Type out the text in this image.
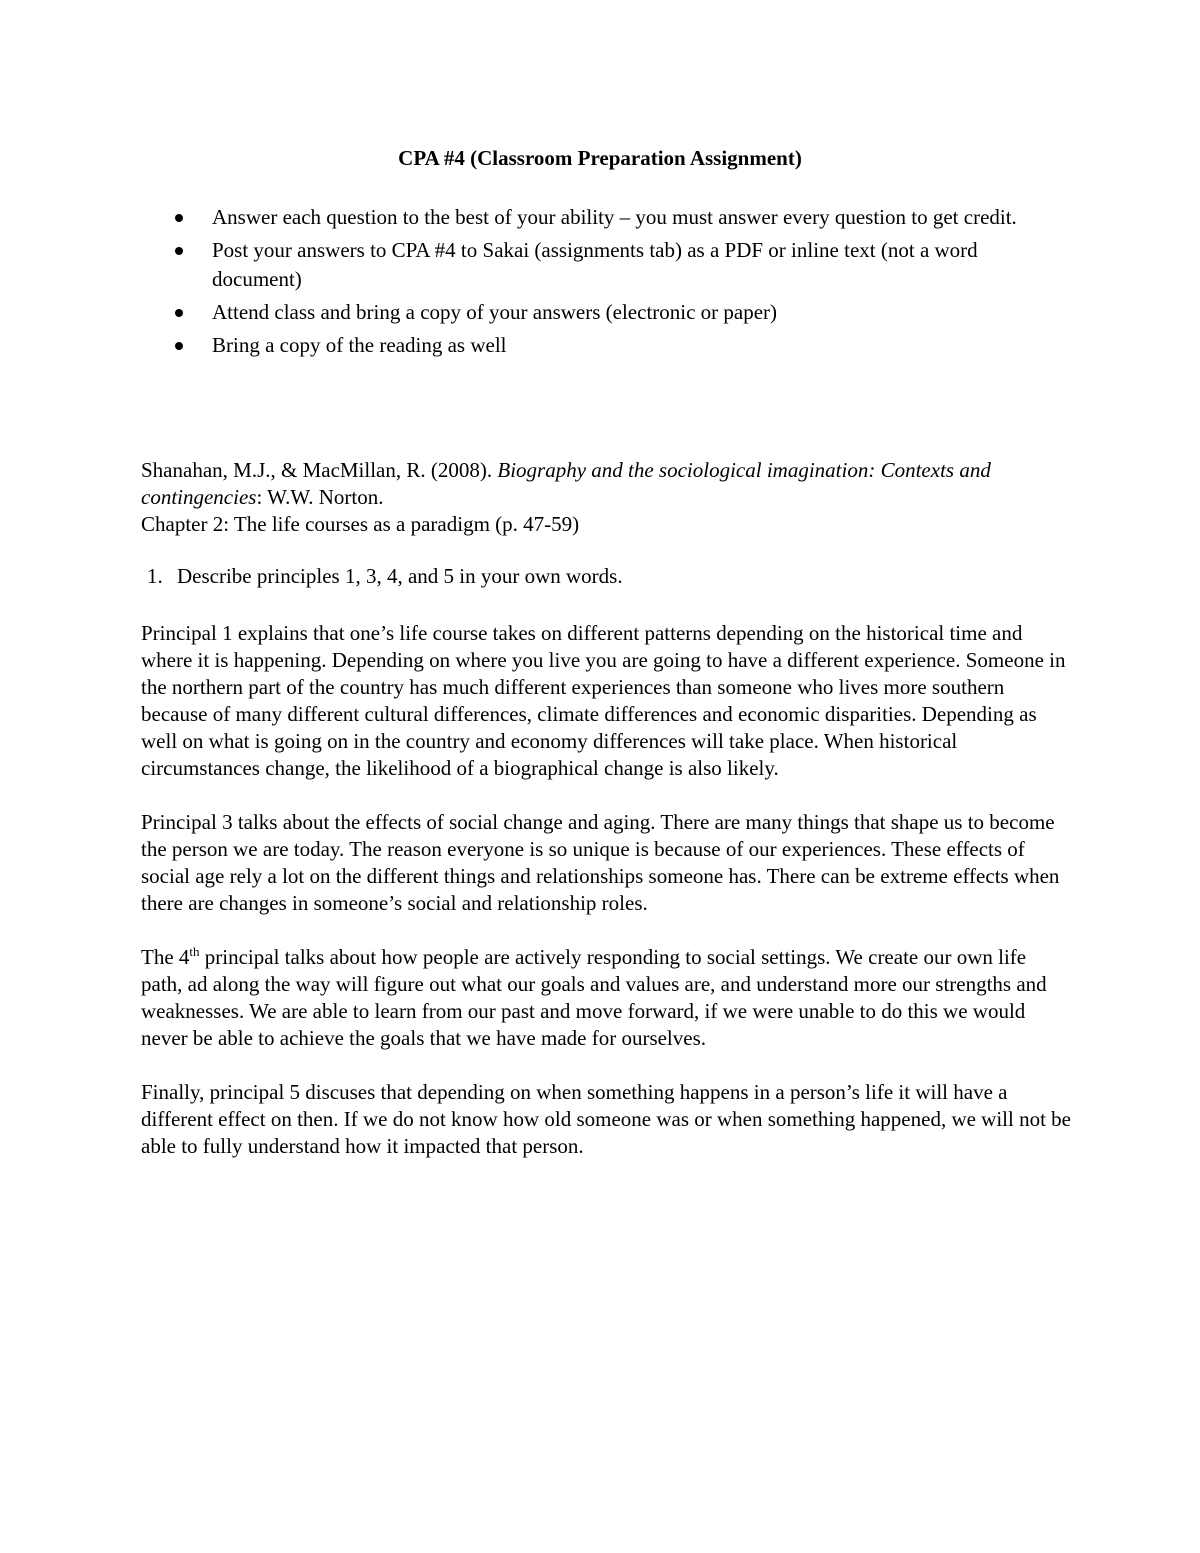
CPA #4 (Classroom Preparation Assignment)
Answer each question to the best of your ability – you must answer every question to get credit.
Post your answers to CPA #4 to Sakai (assignments tab) as a PDF or inline text (not a word document)
Attend class and bring a copy of your answers (electronic or paper)
Bring a copy of the reading as well

Shanahan, M.J., & MacMillan, R. (2008). Biography and the sociological imagination: Contexts and contingencies: W.W. Norton.

Chapter 2: The life courses as a paradigm (p. 47-59)

1. Describe principles 1, 3, 4, and 5 in your own words.

Principal 1 explains that one’s life course takes on different patterns depending on the historical time and where it is happening. Depending on where you live you are going to have a different experience. Someone in the northern part of the country has much different experiences than someone who lives more southern because of many different cultural differences, climate differences and economic disparities. Depending as well on what is going on in the country and economy differences will take place. When historical circumstances change, the likelihood of a biographical change is also likely.

Principal 3 talks about the effects of social change and aging. There are many things that shape us to become the person we are today. The reason everyone is so unique is because of our experiences. These effects of social age rely a lot on the different things and relationships someone has. There can be extreme effects when there are changes in someone’s social and relationship roles.

The 4th principal talks about how people are actively responding to social settings. We create our own life path, ad along the way will figure out what our goals and values are, and understand more our strengths and weaknesses. We are able to learn from our past and move forward, if we were unable to do this we would never be able to achieve the goals that we have made for ourselves.

Finally, principal 5 discuses that depending on when something happens in a person’s life it will have a different effect on then. If we do not know how old someone was or when something happened, we will not be able to fully understand how it impacted that person.
